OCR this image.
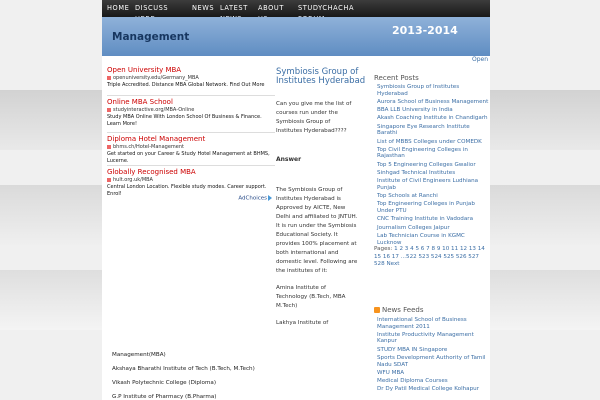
HOME DISCUSS	NEWS LATEST ABOUT STUDYCHACHA
Management	2013-2014
Open
Open University MBA
openuniversity.edu/Germany_MBA
Triple Accredited. Distance MBA Global Network. Find Out More
Online MBA School
studyinteractive.org/MBA-Online
Study MBA Online With London School Of Business & Finance. Learn More!
Diploma Hotel Management
bhms.ch/Hotel-Management
Get started on your Career & Study Hotel Management at BHMS, Lucerne.
Globally Recognised MBA
hult.org.uk/MBA
Central London Location. Flexible study modes. Career support. Enrol!
AdChoices
Symbiosis Group of Institutes Hyderabad
Can you give me the list of courses run under the Symbiosis Group of Institutes Hyderabad????
Answer

The Symbiosis Group of Institutes Hyderabad is Approved by AICTE, New Delhi and affiliated to JNTUH. It is run under the Symbiosis Educational Society. It provides 100% placement at both international and domestic level. Following are the institutes of it:

Amina Institute of Technology (B.Tech, MBA M.Tech)

Lakhya Institute of

Management(MBA)
Akshaya Bharathi Institute of Tech (B.Tech, M.Tech)
Vikash Polytechnic College (Diploma)
G.P Institute of Pharmacy (B.Pharma)
Recent Posts
Symbiosis Group of Institutes Hyderabad
Aurora School of Business Management
BBA LLB University in India
Akash Coaching Institute in Chandigarh
Singapore Eye Research Institute Barathi
List of MBBS Colleges under COMEDK
Top Civil Engineering Colleges in Rajasthan
Top 5 Engineering Colleges Gwalior
Sinhgad Technical Institutes
Institute of Civil Engineers Ludhiana Punjab
Top Schools at Ranchi
Top Engineering Colleges in Punjab Under PTU
CNC Training Institute in Vadodara
Journalism Colleges Jaipur
Lab Technician Course in KGMC Lucknow
Pages: 1 2 3 4 5 6 7 8 9 10 11 12 13 14 15 16 17 ...522 523 524 525 526 527 528 Next
News Feeds
International School of Business Management 2011
Institute Productivity Management Kanpur
STUDY MBA IN Singapore
Sports Development Authority of Tamil Nadu SDAT
WFU MBA
Medical Diploma Courses
Dr Dy Patil Medical College Kolhapur
